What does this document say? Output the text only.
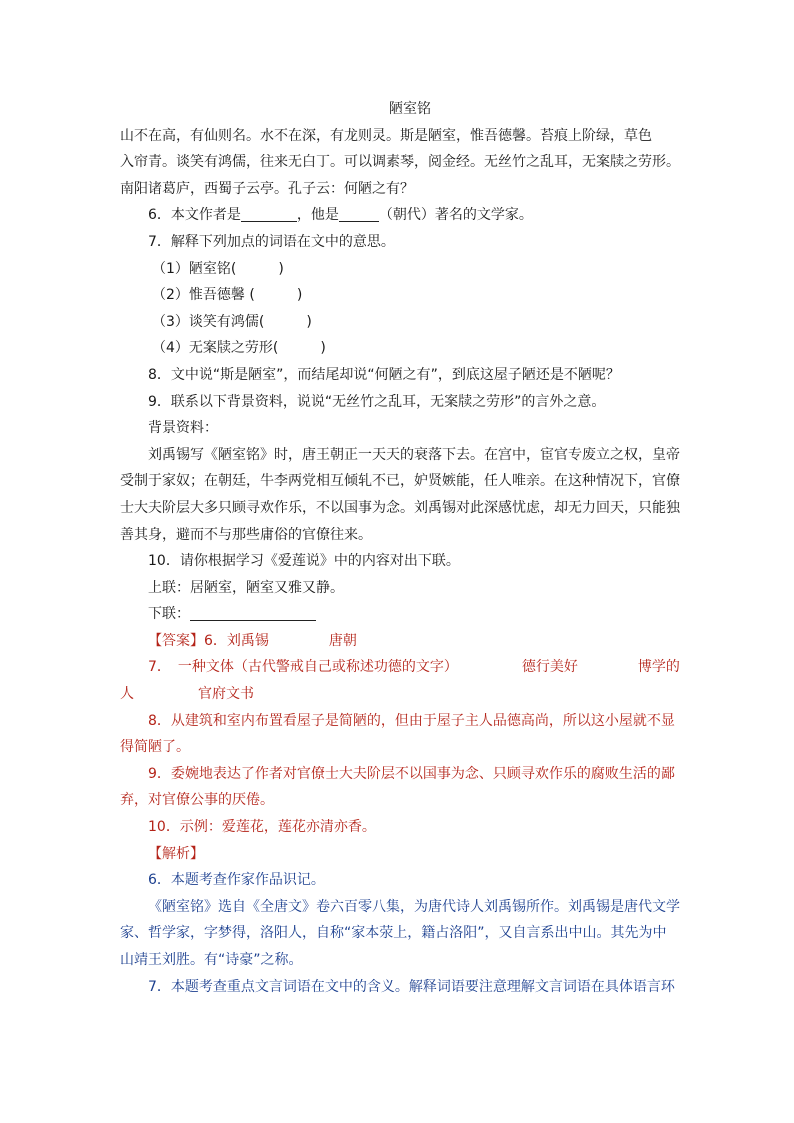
陋室铭
山不在高，有仙则名。水不在深，有龙则灵。斯是陋室，惟吾德馨。苔痕上阶绿，草色
入帘青。谈笑有鸿儒，往来无白丁。可以调素琴，阅金经。无丝竹之乱耳，无案牍之劳形。
南阳诸葛庐，西蜀子云亭。孔子云：何陋之有？
6．本文作者是	，他是	（朝代）著名的文学家。
7．解释下列加点的词语在文中的意思。
（1）陋室铭(　　　)
（2）惟吾德馨 (　　　)
（3）谈笑有鸿儒(　　　)
（4）无案牍之劳形(　　　)
8．文中说“斯是陋室”，而结尾却说“何陋之有”，到底这屋子陋还是不陋呢？
9．联系以下背景资料，说说“无丝竹之乱耳，无案牍之劳形”的言外之意。
背景资料：
刘禹锡写《陋室铭》时，唐王朝正一天天的衰落下去。在宫中，宦官专废立之权，皇帝
受制于家奴；在朝廷，牛李两党相互倾轧不已，妒贤嫉能，任人唯亲。在这种情况下，官僚
士大夫阶层大多只顾寻欢作乐，不以国事为念。刘禹锡对此深感忧虑，却无力回天，只能独
善其身，避而不与那些庸俗的官僚往来。
10．请你根据学习《爱莲说》中的内容对出下联。
上联：居陋室，陋室又雅又静。
下联：
【答案】6．刘禹锡	唐朝
7．　一种文体（古代警戒自己或称述功德的文字）	德行美好	博学的
人	官府文书
8．从建筑和室内布置看屋子是简陋的，但由于屋子主人品德高尚，所以这小屋就不显
得简陋了。
9．委婉地表达了作者对官僚士大夫阶层不以国事为念、只顾寻欢作乐的腐败生活的鄙
弃，对官僚公事的厌倦。
10．示例：爱莲花，莲花亦清亦香。
【解析】
6．本题考查作家作品识记。
《陋室铭》选自《全唐文》卷六百零八集，为唐代诗人刘禹锡所作。刘禹锡是唐代文学
家、哲学家，字梦得，洛阳人，自称“家本荥上，籍占洛阳”，又自言系出中山。其先为中
山靖王刘胜。有“诗豪”之称。
7．本题考查重点文言词语在文中的含义。解释词语要注意理解文言词语在具体语言环
